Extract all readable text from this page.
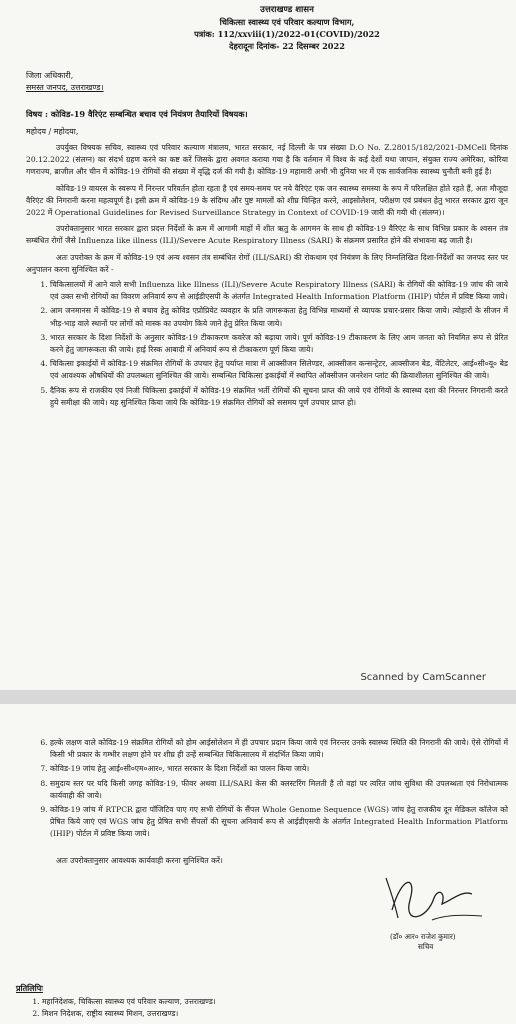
उत्तराखण्ड शासन
चिकित्सा स्वास्थ्य एवं परिवार कल्याण विभाग,
पत्रांक: 112/xxviii(1)/2022-01(COVID)/2022
देहरादूनः दिनांक- 22 दिसम्बर 2022
जिला अधिकारी,
समस्त जनपद, उत्तराखण्ड।
विषय : कोविड-19 वैरिएंट सम्बन्धित बचाव एवं नियंत्रण तैयारियों विषयक।
महोदय / महोदया,

उपर्युक्त विषयक सचिव, स्वास्थ्य एवं परिवार कल्याण मंत्रालय, भारत सरकार, नई दिल्ली के पत्र संख्या D.O No. Z.28015/182/2021-DMCell दिनांक 20.12.2022 (संलग्न) का संदर्भ ग्रहण करने का कष्ट करें जिसके द्वारा अवगत कराया गया है कि वर्तमान में विश्व के कई देशों यथा जापान, संयुक्त राज्य अमेरिका, कोरिया गणराज्य, ब्राजील और चीन में कोविड-19 रोगियों की संख्या में वृद्धि दर्ज की गयी है। कोविड-19 महामारी अभी भी दुनिया भर में एक सार्वजनिक स्वास्थ्य चुनौती बनी हुई है।

कोविड-19 वायरस के स्वरूप में निरन्तर परिवर्तन होता रहता है एवं समय-समय पर नये वैरिएंट एक जन स्वास्थ्य समस्या के रूप में परिलक्षित होते रहते हैं, अतः मौजूदा वैरिएंट की निगरानी करना महत्वपूर्ण है। इसी क्रम में कोविड-19 के संदिग्ध और पुष्ट मामलों को शीघ्र चिन्हित करने, आइसोलेशन, परीक्षण एवं प्रबंधन हेतु भारत सरकार द्वारा जून 2022 में Operational Guidelines for Revised Surveillance Strategy in Context of COVID-19 जारी की गयी थी (संलग्न)।

उपरोक्तानुसार भारत सरकार द्वारा प्रदत्त निर्देशों के क्रम में आगामी माहों में शीत ऋतु के आगमन के साथ ही कोविड-19 वैरिएंट के साथ विभिन्न प्रकार के श्वसन तंत्र सम्बंधित रोगों जैसे Influenza like illness (ILI)/Severe Acute Respiratory Illness (SARI) के संक्रमण प्रसारित होने की संभावना बढ़ जाती है।

अतः उपरोक्त के क्रम में कोविड-19 एवं अन्य श्वसन तंत्र सम्बंधित रोगों (ILI/SARI) की रोकथाम एवं नियंत्रण के लिए निम्नलिखित दिशा-निर्देशों का जनपद स्तर पर अनुपालन करना सुनिश्चित करें -

1. चिकित्सालयों में आने वाले सभी Influenza like Illness (ILI)/Severe Acute Respiratory Illness (SARI) के रोगियों की कोविड-19 जांच की जाये एवं उक्त सभी रोगियों का विवरण अनिवार्य रूप से आईडीएसपी के अंतर्गत Integrated Health Information Platform (IHIP) पोर्टल में प्रविष्ट किया जाये।
2. आम जनमानस में कोविड-19 से बचाव हेतु कोविड एप्रोप्रियेट व्यवहार के प्रति जागरूकता हेतु विभिन्न माध्यमों से व्यापक प्रचार-प्रसार किया जाये। त्योहारों के सीजन में भीड़-भाड़ वाले स्थानों पर लोगों को मास्क का उपयोग किये जाने हेतु प्रेरित किया जाये।
3. भारत सरकार के दिशा निर्देशों के अनुसार कोविड-19 टीकाकरण कवरेज को बढ़ाया जाये। पूर्ण कोविड-19 टीकाकरण के लिए आम जनता को नियमित रूप से प्रेरित करने हेतु जागरूकता की जाये। हाई रिस्क आबादी में अनिवार्य रूप से टीकाकरण पूर्ण किया जाये।
4. चिकित्सा इकाईयों में कोविड-19 संक्रमित रोगियों के उपचार हेतु पर्याप्त मात्रा में आक्सीजन सिलेण्डर, आक्सीजन कन्सन्ट्रेटर, आक्सीजन बेड, वेंटिलेटर, आई०सी०यू० बेड एवं आवश्यक औषधियों की उपलब्धता सुनिश्चित की जाये। सम्बन्धित चिकित्सा इकाईयों में स्थापित ऑक्सीजन जनरेशन प्लांट की क्रियाशीलता सुनिश्चित की जाये।
5. दैनिक रूप से राजकीय एवं निजी चिकित्सा इकाईयों में कोविड-19 संक्रमित भर्ती रोगियों की सूचना प्राप्त की जाये एवं रोगियों के स्वास्थ्य दशा की निरन्तर निगरानी करते हुये समीक्षा की जाये। यह सुनिश्चित किया जाये कि कोविड-19 संक्रमित रोगियों को ससमय पूर्ण उपचार प्राप्त हो।
Scanned by CamScanner
6. हल्के लक्षण वाले कोविड-19 संक्रमित रोगियों को होम आईसोलेशन में ही उपचार प्रदान किया जाये एवं निरन्तर उनके स्वास्थ्य स्थिति की निगरानी की जाये। ऐसे रोगियों में किसी भी प्रकार के गम्भीर लक्षण होने पर शीघ्र ही उन्हें सम्बन्धित चिकित्सालय में संदर्भित किया जाये।
7. कोविड-19 जांच हेतु आई०सी०एम०आर०, भारत सरकार के दिशा निर्देशों का पालन किया जाये।
8. समुदाय स्तर पर यदि किसी जगह कोविड-19, फीवर अथवा ILI/SARI केस की क्लस्टरिंग मिलती है तो वहां पर त्वरित जांच सुविधा की उपलब्धता एवं निरोधात्मक कार्यवाही की जाये।
9. कोविड-19 जांच में RTPCR द्वारा पॉजिटिव पाए गए सभी रोगियों के सैंपल Whole Genome Sequence (WGS) जांच हेतु राजकीय दून मेडिकल कॉलेज को प्रेषित किये जाएं एवं WGS जांच हेतु प्रेषित सभी सैंपलों की सूचना अनिवार्य रूप से आईडीएसपी के अंतर्गत Integrated Health Information Platform (IHIP) पोर्टल में प्रविष्ट किया जाये।
अतः उपरोक्तानुसार आवश्यक कार्यवाही करना सुनिश्चित करें।
(डॉ० आर० राजेश कुमार)
सचिव
प्रतिलिपिः
1. महानिदेशक, चिकित्सा स्वास्थ्य एवं परिवार कल्याण, उत्तराखण्ड।
2. मिशन निदेशक, राष्ट्रीय स्वास्थ्य मिशन, उत्तराखण्ड।
